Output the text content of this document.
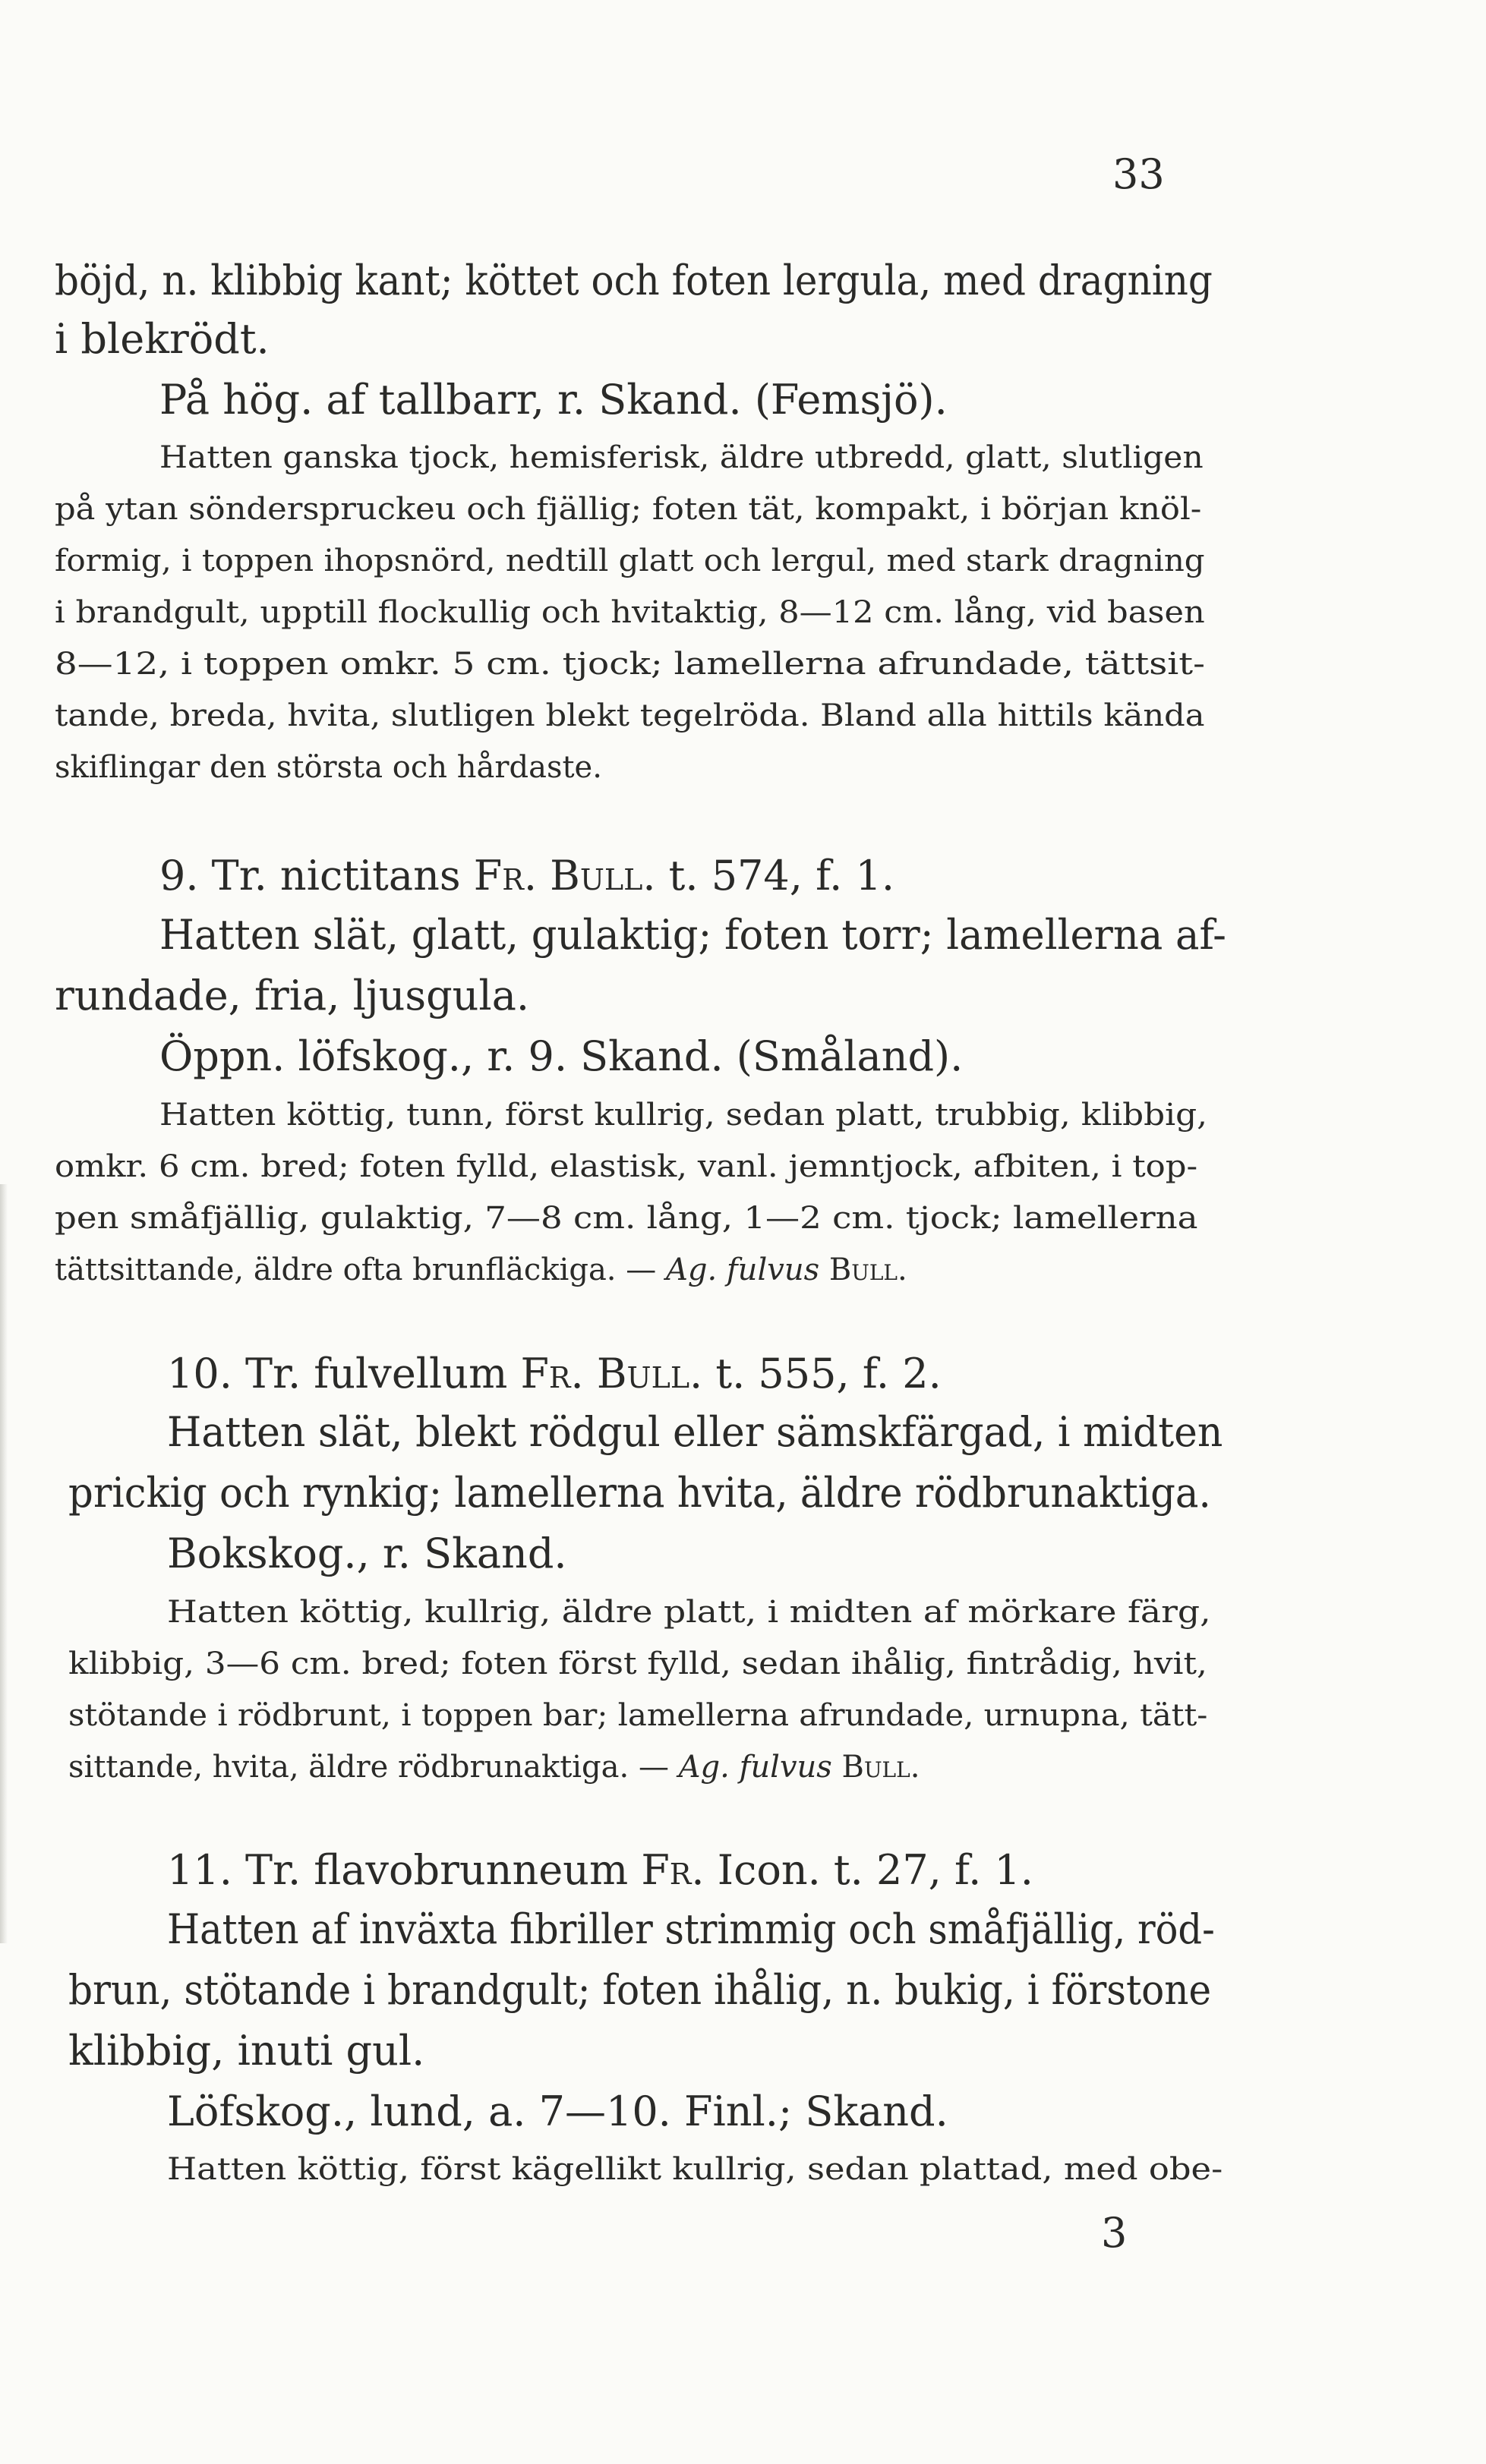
33
böjd, n. klibbig kant; köttet och foten lergula, med dragning
i blekrödt.
På hög. af tallbarr, r. Skand. (Femsjö).
Hatten ganska tjock, hemisferisk, äldre utbredd, glatt, slutligen
på ytan sönderspruckeu och fjällig; foten tät, kompakt, i början knöl-
formig, i toppen ihopsnörd, nedtill glatt och lergul, med stark dragning
i brandgult, upptill flockullig och hvitaktig, 8—12 cm. lång, vid basen
8—12, i toppen omkr. 5 cm. tjock; lamellerna afrundade, tättsit-
tande, breda, hvita, slutligen blekt tegelröda. Bland alla hittils kända
skiflingar den största och hårdaste.
9. Tr. nictitans Fr. Bull. t. 574, f. 1.
Hatten slät, glatt, gulaktig; foten torr; lamellerna af-
rundade, fria, ljusgula.
Öppn. löfskog., r. 9. Skand. (Småland).
Hatten köttig, tunn, först kullrig, sedan platt, trubbig, klibbig,
omkr. 6 cm. bred; foten fylld, elastisk, vanl. jemntjock, afbiten, i top-
pen småfjällig, gulaktig, 7—8 cm. lång, 1—2 cm. tjock; lamellerna
tättsittande, äldre ofta brunfläckiga. — Ag. fulvus Bull.
10. Tr. fulvellum Fr. Bull. t. 555, f. 2.
Hatten slät, blekt rödgul eller sämskfärgad, i midten
prickig och rynkig; lamellerna hvita, äldre rödbrunaktiga.
Bokskog., r. Skand.
Hatten köttig, kullrig, äldre platt, i midten af mörkare färg,
klibbig, 3—6 cm. bred; foten först fylld, sedan ihålig, fintrådig, hvit,
stötande i rödbrunt, i toppen bar; lamellerna afrundade, urnupna, tätt-
sittande, hvita, äldre rödbrunaktiga. — Ag. fulvus Bull.
11. Tr. flavobrunneum Fr. Icon. t. 27, f. 1.
Hatten af inväxta fibriller strimmig och småfjällig, röd-
brun, stötande i brandgult; foten ihålig, n. bukig, i förstone
klibbig, inuti gul.
Löfskog., lund, a. 7—10. Finl.; Skand.
Hatten köttig, först kägellikt kullrig, sedan plattad, med obe-
3
